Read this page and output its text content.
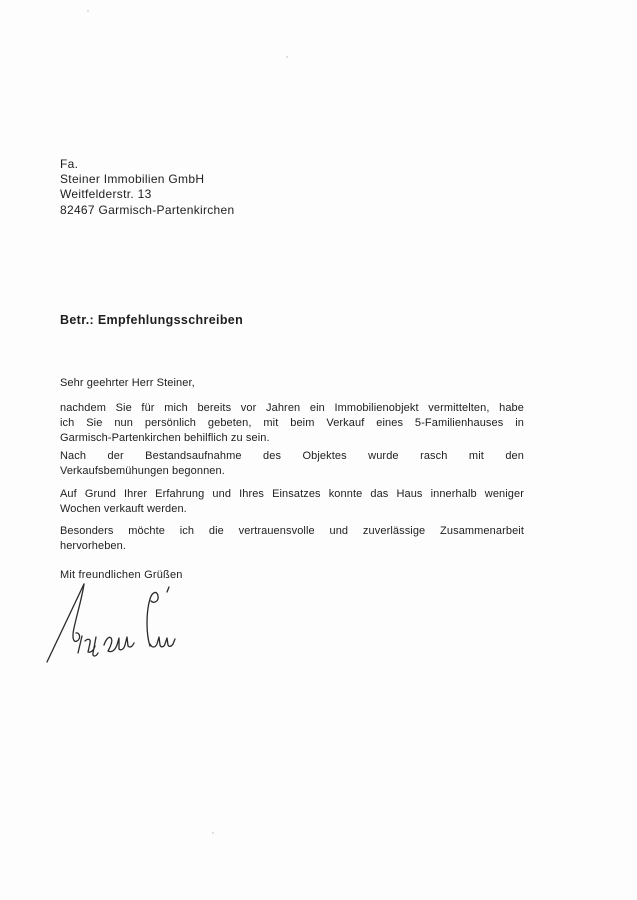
Fa.
Steiner Immobilien GmbH
Weitfelderstr. 13
82467 Garmisch-Partenkirchen
Betr.: Empfehlungsschreiben
Sehr geehrter Herr Steiner,
nachdem Sie für mich bereits vor Jahren ein Immobilienobjekt vermittelten, habe
ich Sie nun persönlich gebeten, mit beim Verkauf eines 5-Familienhauses in
Garmisch-Partenkirchen behilflich zu sein.
Nach der Bestandsaufnahme des Objektes wurde rasch mit den
Verkaufsbemühungen begonnen.
Auf Grund Ihrer Erfahrung und Ihres Einsatzes konnte das Haus innerhalb weniger
Wochen verkauft werden.
Besonders möchte ich die vertrauensvolle und zuverlässige Zusammenarbeit
hervorheben.
Mit freundlichen Grüßen
